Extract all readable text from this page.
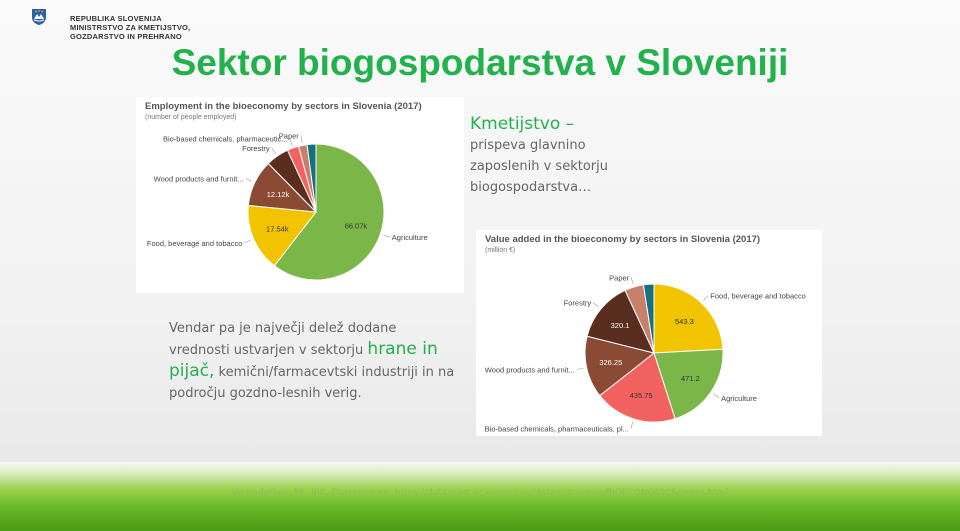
REPUBLIKA SLOVENIJA
MINISTRSTVO ZA KMETIJSTVO,
GOZDARSTVO IN PREHRANO
Sektor biogospodarstva v Sloveniji
Employment in the bioeconomy by sectors in Slovenia (2017)
(number of people employed)
66.07k
Agriculture
17.54k
Food, beverage and tobacco
12.12k
Wood products and furnit...
Forestry
Bio-based chemicals, pharmaceutic...
Paper
Value added in the bioeconomy by sectors in Slovenia (2017)
(million €)
543.3
Food, beverage and tobacco
471.2
Agriculture
435.75
Bio-based chemicals, pharmaceuticals, pl...
326.25
Wood products and furnit...
320.1
Forestry
Paper
Kmetijstvo –
prispeva glavnino zaposlenih v sektorju biogospodarstva…
Vendar pa je največji delež dodane vrednosti ustvarjen v sektorju hrane in pijač, kemični/farmacevtski industriji in na področju gozdno-lesnih verig.
Vir podatkov: EK, JRC. Dostopno na: https://datam.jrc.ec.europa.eu/datam/mashup/BIOECONOMICS/index.html
